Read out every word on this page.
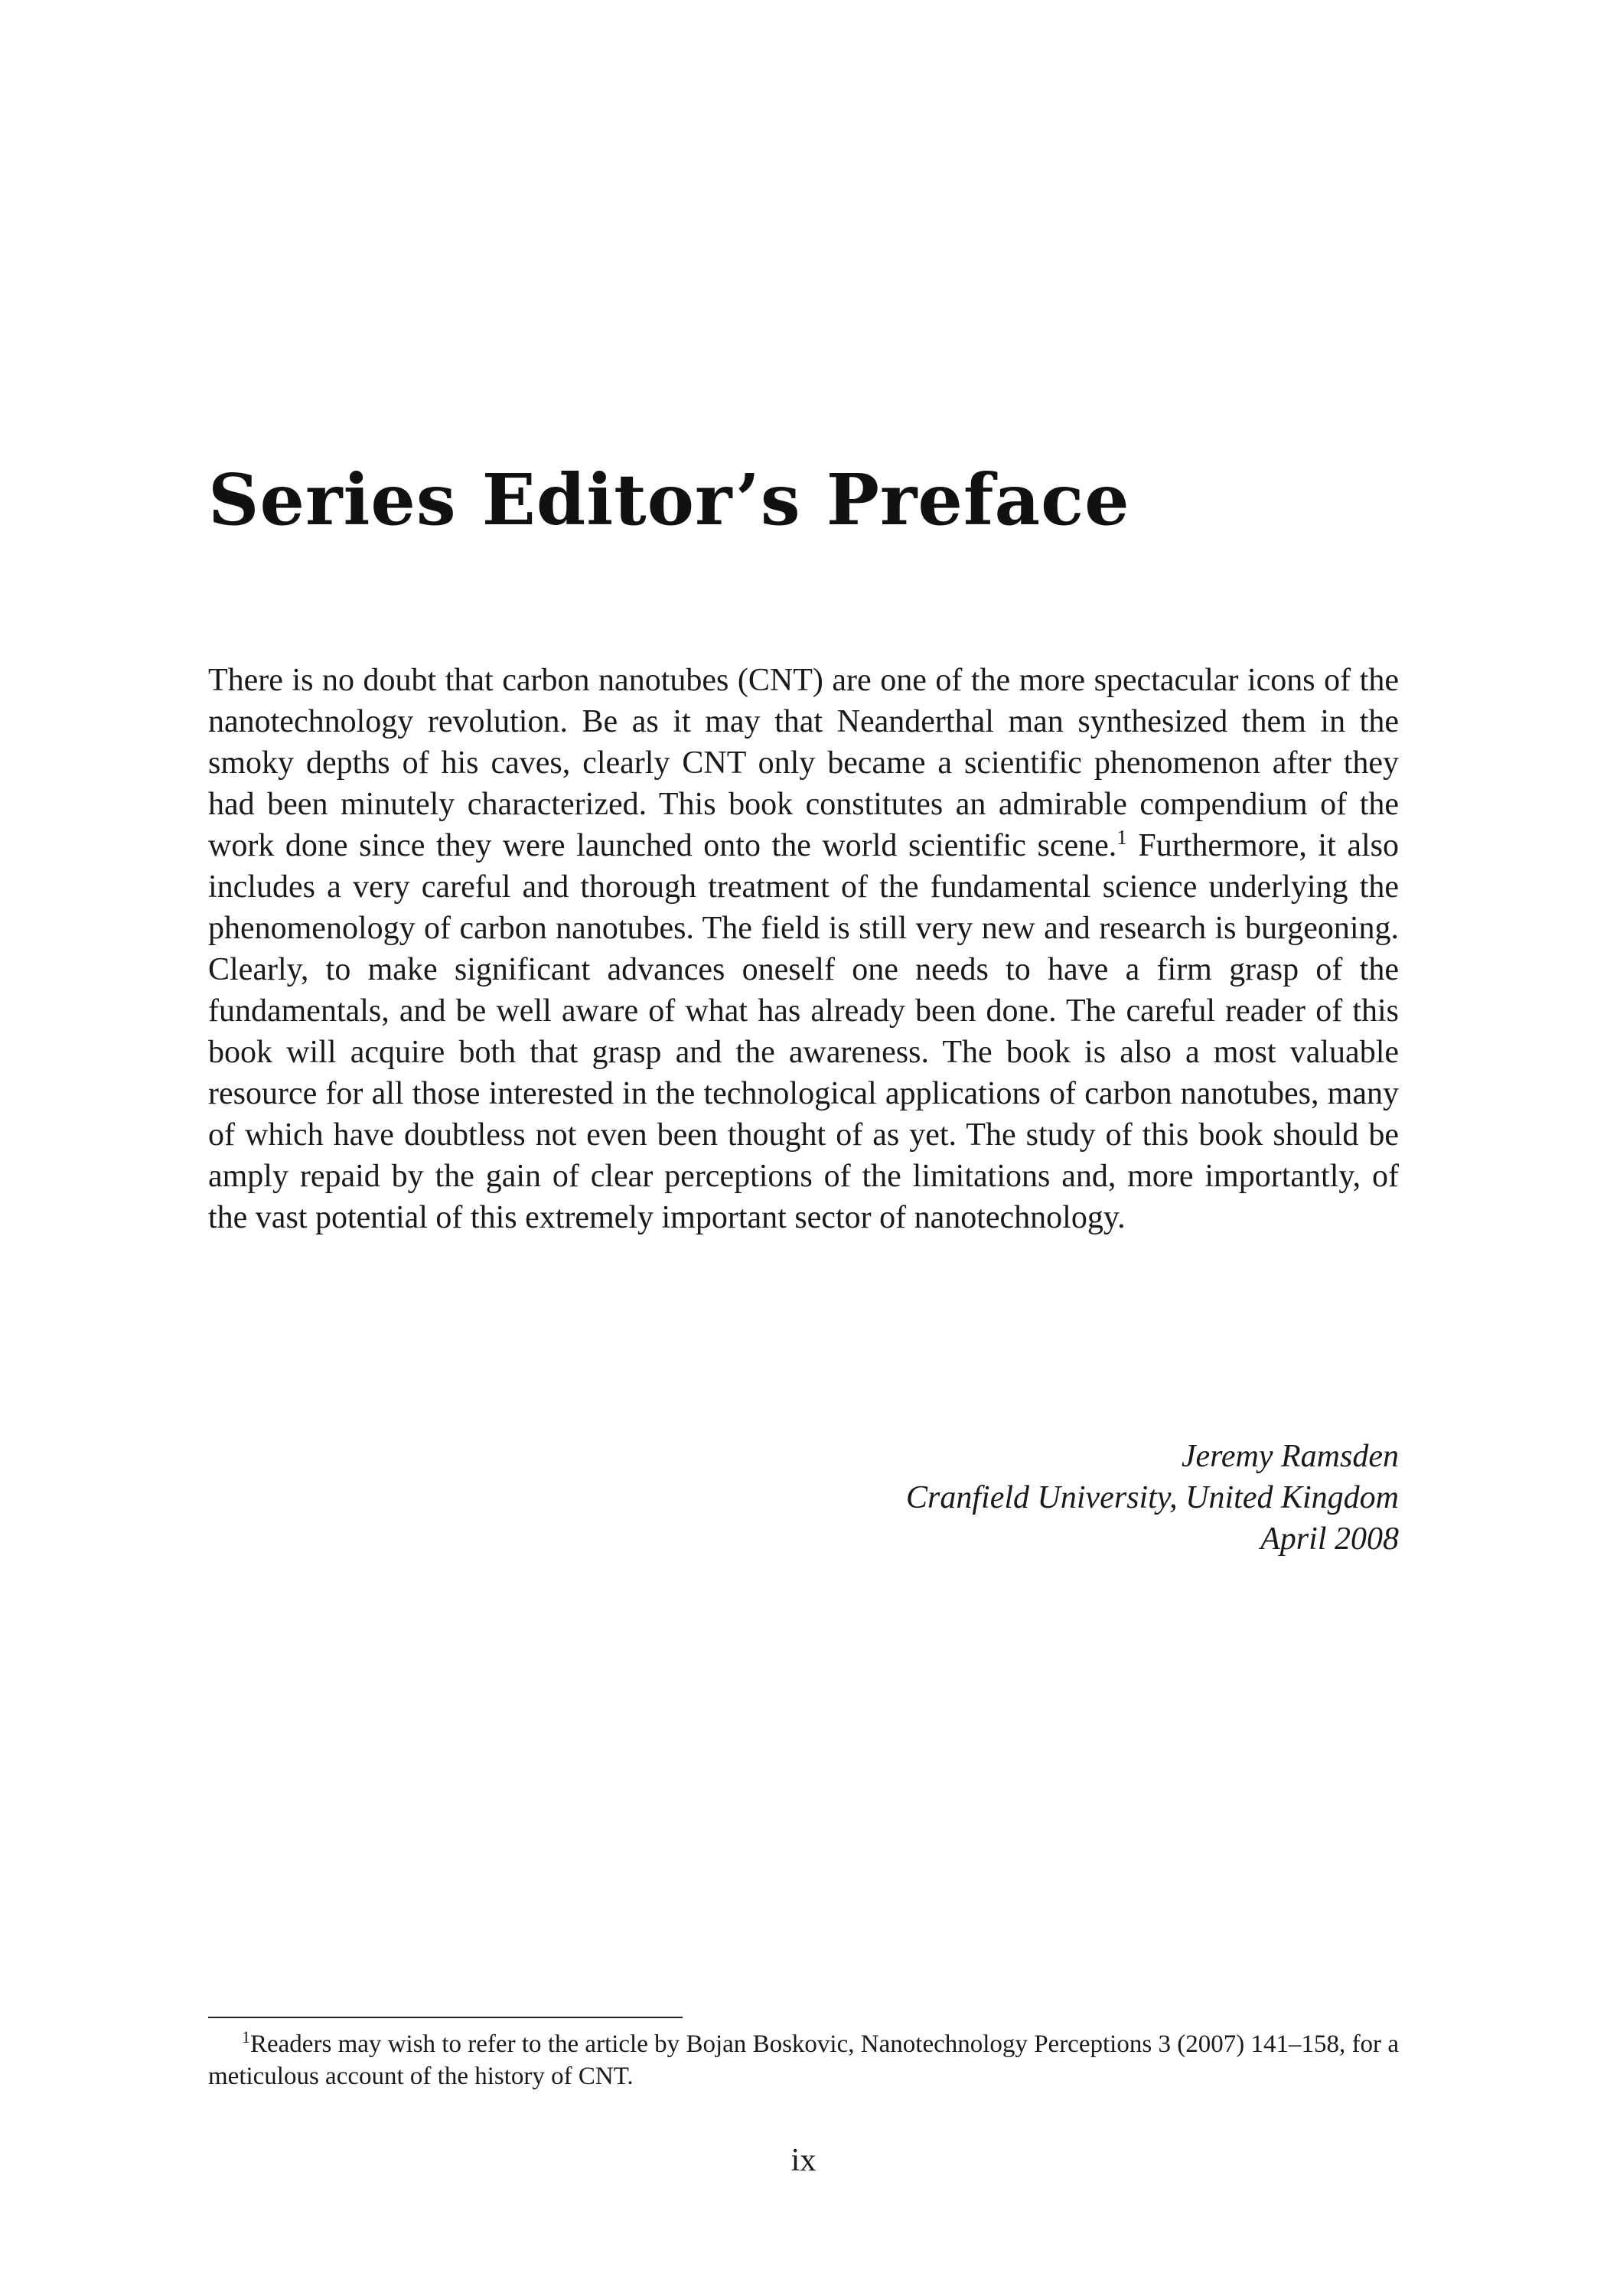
Series Editor’s Preface

There is no doubt that carbon nanotubes (CNT) are one of the more spectacular icons of the nanotechnology revolution. Be as it may that Neanderthal man synthesized them in the smoky depths of his caves, clearly CNT only became a scientific phenomenon after they had been minutely characterized. This book constitutes an admirable compendium of the work done since they were launched onto the world scientific scene.$^1$ Furthermore, it also includes a very careful and thorough treatment of the fundamental science underlying the phenomenology of carbon nanotubes. The field is still very new and research is burgeoning. Clearly, to make significant advances oneself one needs to have a firm grasp of the fundamentals, and be well aware of what has already been done. The careful reader of this book will acquire both that grasp and the awareness. The book is also a most valuable resource for all those interested in the technological applications of carbon nanotubes, many of which have doubtless not even been thought of as yet. The study of this book should be amply repaid by the gain of clear perceptions of the limitations and, more importantly, of the vast potential of this extremely important sector of nanotechnology.

Jeremy Ramsden
Cranfield University, United Kingdom
April 2008

$^1$Readers may wish to refer to the article by Bojan Boskovic, Nanotechnology Perceptions 3 (2007) 141–158, for a meticulous account of the history of CNT.

ix
